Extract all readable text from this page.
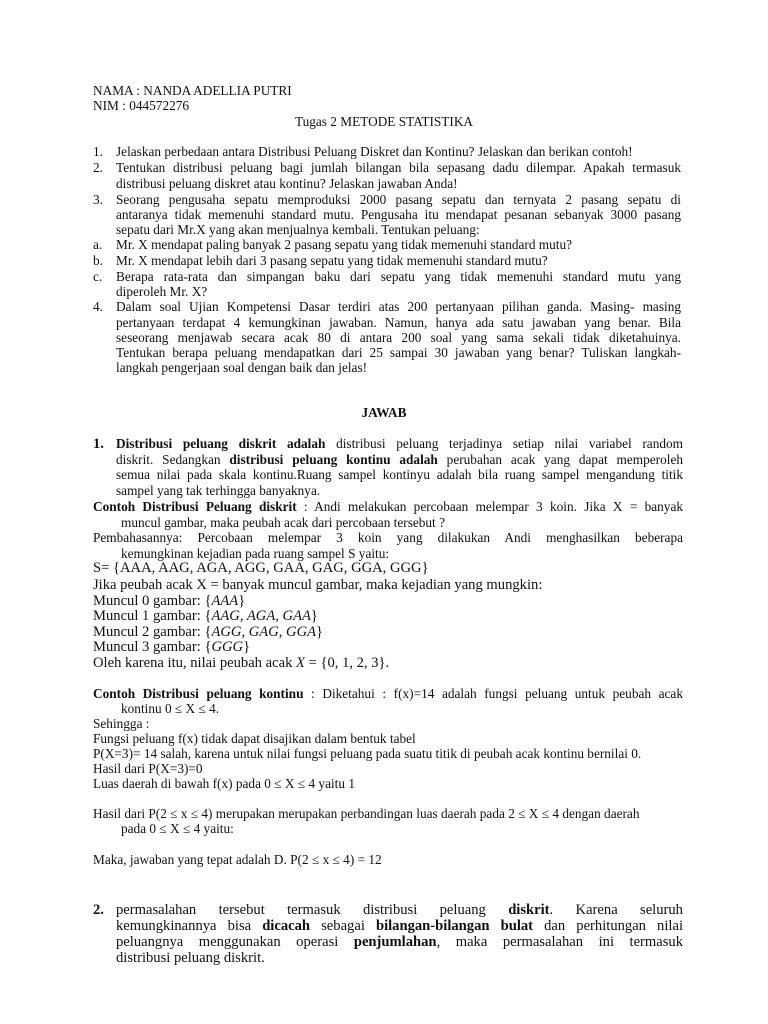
NAMA : NANDA ADELLIA PUTRI
NIM : 044572276
Tugas 2 METODE STATISTIKA
1. Jelaskan perbedaan antara Distribusi Peluang Diskret dan Kontinu? Jelaskan dan berikan contoh!
2. Tentukan distribusi peluang bagi jumlah bilangan bila sepasang dadu dilempar. Apakah termasuk
distribusi peluang diskret atau kontinu? Jelaskan jawaban Anda!
3. Seorang pengusaha sepatu memproduksi 2000 pasang sepatu dan ternyata 2 pasang sepatu di
antaranya tidak memenuhi standard mutu. Pengusaha itu mendapat pesanan sebanyak 3000 pasang
sepatu dari Mr.X yang akan menjualnya kembali. Tentukan peluang:
a. Mr. X mendapat paling banyak 2 pasang sepatu yang tidak memenuhi standard mutu?
b. Mr. X mendapat lebih dari 3 pasang sepatu yang tidak memenuhi standard mutu?
c. Berapa rata-rata dan simpangan baku dari sepatu yang tidak memenuhi standard mutu yang
diperoleh Mr. X?
4. Dalam soal Ujian Kompetensi Dasar terdiri atas 200 pertanyaan pilihan ganda. Masing- masing
pertanyaan terdapat 4 kemungkinan jawaban. Namun, hanya ada satu jawaban yang benar. Bila
seseorang menjawab secara acak 80 di antara 200 soal yang sama sekali tidak diketahuinya.
Tentukan berapa peluang mendapatkan dari 25 sampai 30 jawaban yang benar? Tuliskan langkah-
langkah pengerjaan soal dengan baik dan jelas!
JAWAB
1. Distribusi peluang diskrit adalah distribusi peluang terjadinya setiap nilai variabel random
diskrit. Sedangkan distribusi peluang kontinu adalah perubahan acak yang dapat memperoleh
semua nilai pada skala kontinu.Ruang sampel kontinyu adalah bila ruang sampel mengandung titik
sampel yang tak terhingga banyaknya.
Contoh Distribusi Peluang diskrit : Andi melakukan percobaan melempar 3 koin. Jika X = banyak
muncul gambar, maka peubah acak dari percobaan tersebut ?
Pembahasannya: Percobaan melempar 3 koin yang dilakukan Andi menghasilkan beberapa
kemungkinan kejadian pada ruang sampel S yaitu:
S= {AAA, AAG, AGA, AGG, GAA, GAG, GGA, GGG}
Jika peubah acak X = banyak muncul gambar, maka kejadian yang mungkin:
Muncul 0 gambar: {AAA}
Muncul 1 gambar: {AAG, AGA, GAA}
Muncul 2 gambar: {AGG, GAG, GGA}
Muncul 3 gambar: {GGG}
Oleh karena itu, nilai peubah acak X = {0, 1, 2, 3}.
Contoh Distribusi peluang kontinu : Diketahui : f(x)=14 adalah fungsi peluang untuk peubah acak
kontinu 0 ≤ X ≤ 4.
Sehingga :
Fungsi peluang f(x) tidak dapat disajikan dalam bentuk tabel
P(X=3)= 14 salah, karena untuk nilai fungsi peluang pada suatu titik di peubah acak kontinu bernilai 0.
Hasil dari P(X=3)=0
Luas daerah di bawah f(x) pada 0 ≤ X ≤ 4 yaitu 1
Hasil dari P(2 ≤ x ≤ 4) merupakan merupakan perbandingan luas daerah pada 2 ≤ X ≤ 4 dengan daerah
pada 0 ≤ X ≤ 4 yaitu:
Maka, jawaban yang tepat adalah D. P(2 ≤ x ≤ 4) = 12
2. permasalahan tersebut termasuk distribusi peluang diskrit. Karena seluruh
kemungkinannya bisa dicacah sebagai bilangan-bilangan bulat dan perhitungan nilai
peluangnya menggunakan operasi penjumlahan, maka permasalahan ini termasuk
distribusi peluang diskrit.
